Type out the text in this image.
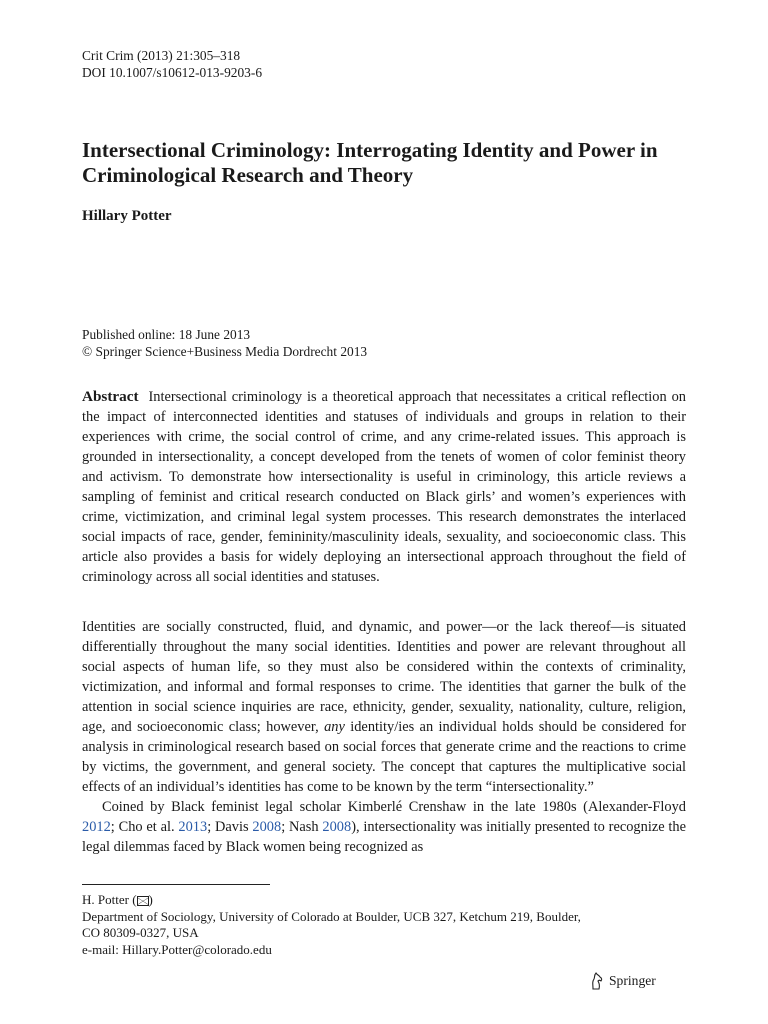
Crit Crim (2013) 21:305–318
DOI 10.1007/s10612-013-9203-6
Intersectional Criminology: Interrogating Identity and Power in Criminological Research and Theory
Hillary Potter
Published online: 18 June 2013
© Springer Science+Business Media Dordrecht 2013

Abstract Intersectional criminology is a theoretical approach that necessitates a critical reflection on the impact of interconnected identities and statuses of individuals and groups in relation to their experiences with crime, the social control of crime, and any crime-related issues. This approach is grounded in intersectionality, a concept developed from the tenets of women of color feminist theory and activism. To demonstrate how intersectionality is useful in criminology, this article reviews a sampling of feminist and critical research conducted on Black girls’ and women’s experiences with crime, victimization, and criminal legal system processes. This research demonstrates the interlaced social impacts of race, gender, femininity/masculinity ideals, sexuality, and socioeconomic class. This article also provides a basis for widely deploying an intersectional approach throughout the field of criminology across all social identities and statuses.

Identities are socially constructed, fluid, and dynamic, and power—or the lack thereof—is situated differentially throughout the many social identities. Identities and power are relevant throughout all social aspects of human life, so they must also be considered within the contexts of criminality, victimization, and informal and formal responses to crime. The identities that garner the bulk of the attention in social science inquiries are race, ethnicity, gender, sexuality, nationality, culture, religion, age, and socioeconomic class; however, any identity/ies an individual holds should be considered for analysis in criminological research based on social forces that generate crime and the reactions to crime by victims, the government, and general society. The concept that captures the multiplicative social effects of an individual’s identities has come to be known by the term “intersectionality.”

Coined by Black feminist legal scholar Kimberlé Crenshaw in the late 1980s (Alexander-Floyd 2012; Cho et al. 2013; Davis 2008; Nash 2008), intersectionality was initially presented to recognize the legal dilemmas faced by Black women being recognized as

H. Potter ( )
Department of Sociology, University of Colorado at Boulder, UCB 327, Ketchum 219, Boulder,
CO 80309-0327, USA
e-mail: Hillary.Potter@colorado.edu
Springer
